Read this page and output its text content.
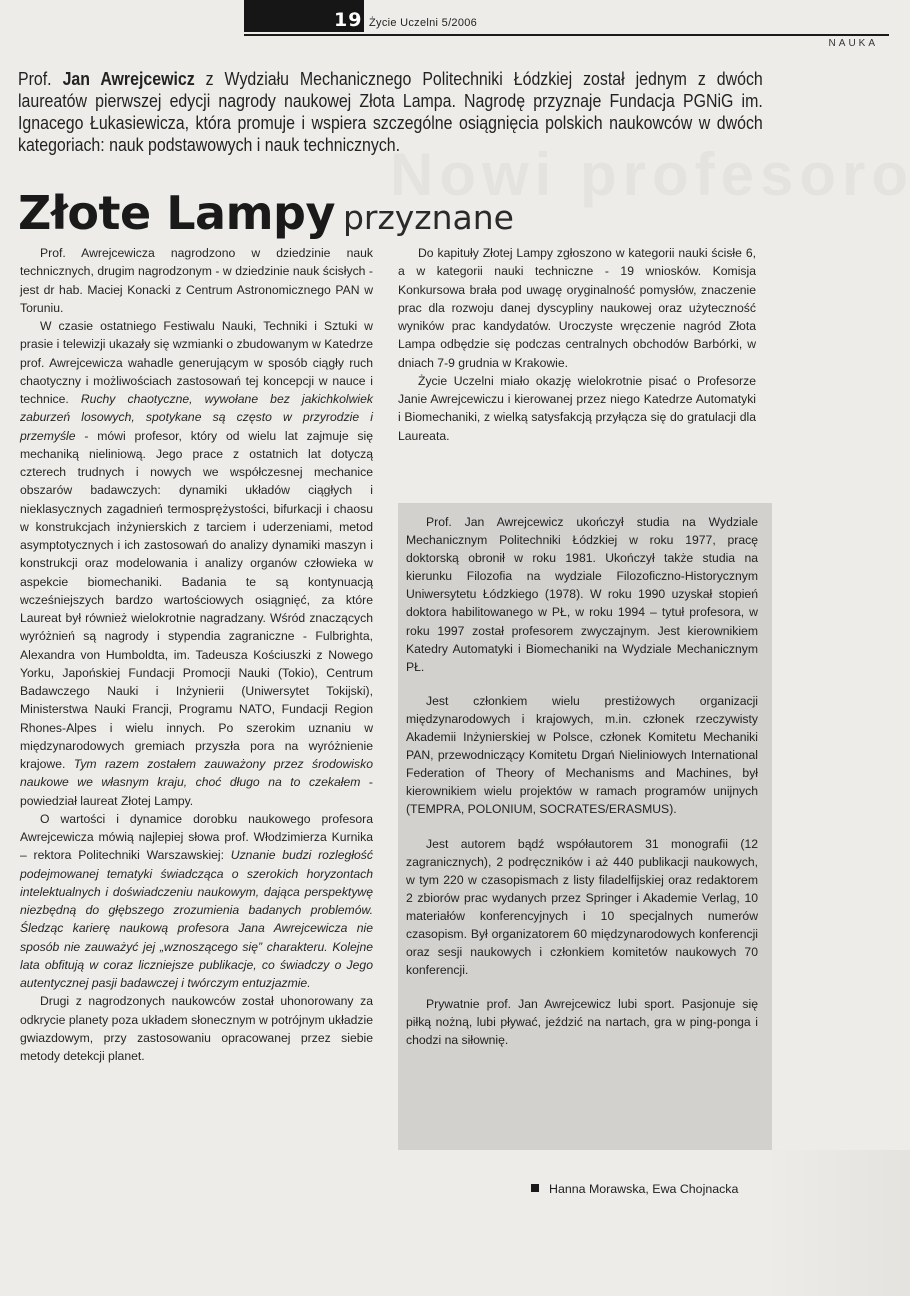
19 Życie Uczelni 5/2006
NAUKA
Prof. Jan Awrejcewicz z Wydziału Mechanicznego Politechniki Łódzkiej został jednym z dwóch laureatów pierwszej edycji nagrody naukowej Złota Lampa. Nagrodę przyznaje Fundacja PGNiG im. Ignacego Łukasiewicza, która promuje i wspiera szczególne osiągnięcia polskich naukowców w dwóch kategoriach: nauk podstawowych i nauk technicznych.
Złote Lampy przyznane

Prof. Awrejcewicza nagrodzono w dziedzinie nauk technicznych, drugim nagrodzonym - w dziedzinie nauk ścisłych - jest dr hab. Maciej Konacki z Centrum Astronomicznego PAN w Toruniu.

W czasie ostatniego Festiwalu Nauki, Techniki i Sztuki w prasie i telewizji ukazały się wzmianki o zbudowanym w Katedrze prof. Awrejcewicza wahadle generującym w sposób ciągły ruch chaotyczny i możliwościach zastosowań tej koncepcji w nauce i technice. Ruchy chaotyczne, wywołane bez jakichkolwiek zaburzeń losowych, spotykane są często w przyrodzie i przemyśle - mówi profesor, który od wielu lat zajmuje się mechaniką nieliniową. Jego prace z ostatnich lat dotyczą czterech trudnych i nowych we współczesnej mechanice obszarów badawczych: dynamiki układów ciągłych i nieklasycznych zagadnień termosprężystości, bifurkacji i chaosu w konstrukcjach inżynierskich z tarciem i uderzeniami, metod asymptotycznych i ich zastosowań do analizy dynamiki maszyn i konstrukcji oraz modelowania i analizy organów człowieka w aspekcie biomechaniki. Badania te są kontynuacją wcześniejszych bardzo wartościowych osiągnięć, za które Laureat był również wielokrotnie nagradzany. Wśród znaczących wyróżnień są nagrody i stypendia zagraniczne - Fulbrighta, Alexandra von Humboldta, im. Tadeusza Kościuszki z Nowego Yorku, Japońskiej Fundacji Promocji Nauki (Tokio), Centrum Badawczego Nauki i Inżynierii (Uniwersytet Tokijski), Ministerstwa Nauki Francji, Programu NATO, Fundacji Region Rhones-Alpes i wielu innych. Po szerokim uznaniu w międzynarodowych gremiach przyszła pora na wyróżnienie krajowe. Tym razem zostałem zauważony przez środowisko naukowe we własnym kraju, choć długo na to czekałem - powiedział laureat Złotej Lampy.

O wartości i dynamice dorobku naukowego profesora Awrejcewicza mówią najlepiej słowa prof. Włodzimierza Kurnika – rektora Politechniki Warszawskiej: Uznanie budzi rozległość podejmowanej tematyki świadcząca o szerokich horyzontach intelektualnych i doświadczeniu naukowym, dająca perspektywę niezbędną do głębszego zrozumienia badanych problemów. Śledząc karierę naukową profesora Jana Awrejcewicza nie sposób nie zauważyć jej „wznoszącego się” charakteru. Kolejne lata obfitują w coraz liczniejsze publikacje, co świadczy o Jego autentycznej pasji badawczej i twórczym entuzjazmie.

Drugi z nagrodzonych naukowców został uhonorowany za odkrycie planety poza układem słonecznym w potrójnym układzie gwiazdowym, przy zastosowaniu opracowanej przez siebie metody detekcji planet.

Do kapituły Złotej Lampy zgłoszono w kategorii nauki ścisłe 6, a w kategorii nauki techniczne - 19 wniosków. Komisja Konkursowa brała pod uwagę oryginalność pomysłów, znaczenie prac dla rozwoju danej dyscypliny naukowej oraz użyteczność wyników prac kandydatów. Uroczyste wręczenie nagród Złota Lampa odbędzie się podczas centralnych obchodów Barbórki, w dniach 7-9 grudnia w Krakowie.

Życie Uczelni miało okazję wielokrotnie pisać o Profesorze Janie Awrejcewiczu i kierowanej przez niego Katedrze Automatyki i Biomechaniki, z wielką satysfakcją przyłącza się do gratulacji dla Laureata.

Prof. Jan Awrejcewicz ukończył studia na Wydziale Mechanicznym Politechniki Łódzkiej w roku 1977, pracę doktorską obronił w roku 1981. Ukończył także studia na kierunku Filozofia na wydziale Filozoficzno-Historycznym Uniwersytetu Łódzkiego (1978). W roku 1990 uzyskał stopień doktora habilitowanego w PŁ, w roku 1994 – tytuł profesora, w roku 1997 został profesorem zwyczajnym. Jest kierownikiem Katedry Automatyki i Biomechaniki na Wydziale Mechanicznym PŁ.

Jest członkiem wielu prestiżowych organizacji międzynarodowych i krajowych, m.in. członek rzeczywisty Akademii Inżynierskiej w Polsce, członek Komitetu Mechaniki PAN, przewodniczący Komitetu Drgań Nieliniowych International Federation of Theory of Mechanisms and Machines, był kierownikiem wielu projektów w ramach programów unijnych (TEMPRA, POLONIUM, SOCRATES/ERASMUS).

Jest autorem bądź współautorem 31 monografii (12 zagranicznych), 2 podręczników i aż 440 publikacji naukowych, w tym 220 w czasopismach z listy filadelfijskiej oraz redaktorem 2 zbiorów prac wydanych przez Springer i Akademie Verlag, 10 materiałów konferencyjnych i 10 specjalnych numerów czasopism. Był organizatorem 60 międzynarodowych konferencji oraz sesji naukowych i członkiem komitetów naukowych 70 konferencji.

Prywatnie prof. Jan Awrejcewicz lubi sport. Pasjonuje się piłką nożną, lubi pływać, jeździć na nartach, gra w ping-ponga i chodzi na siłownię.

Hanna Morawska, Ewa Chojnacka
